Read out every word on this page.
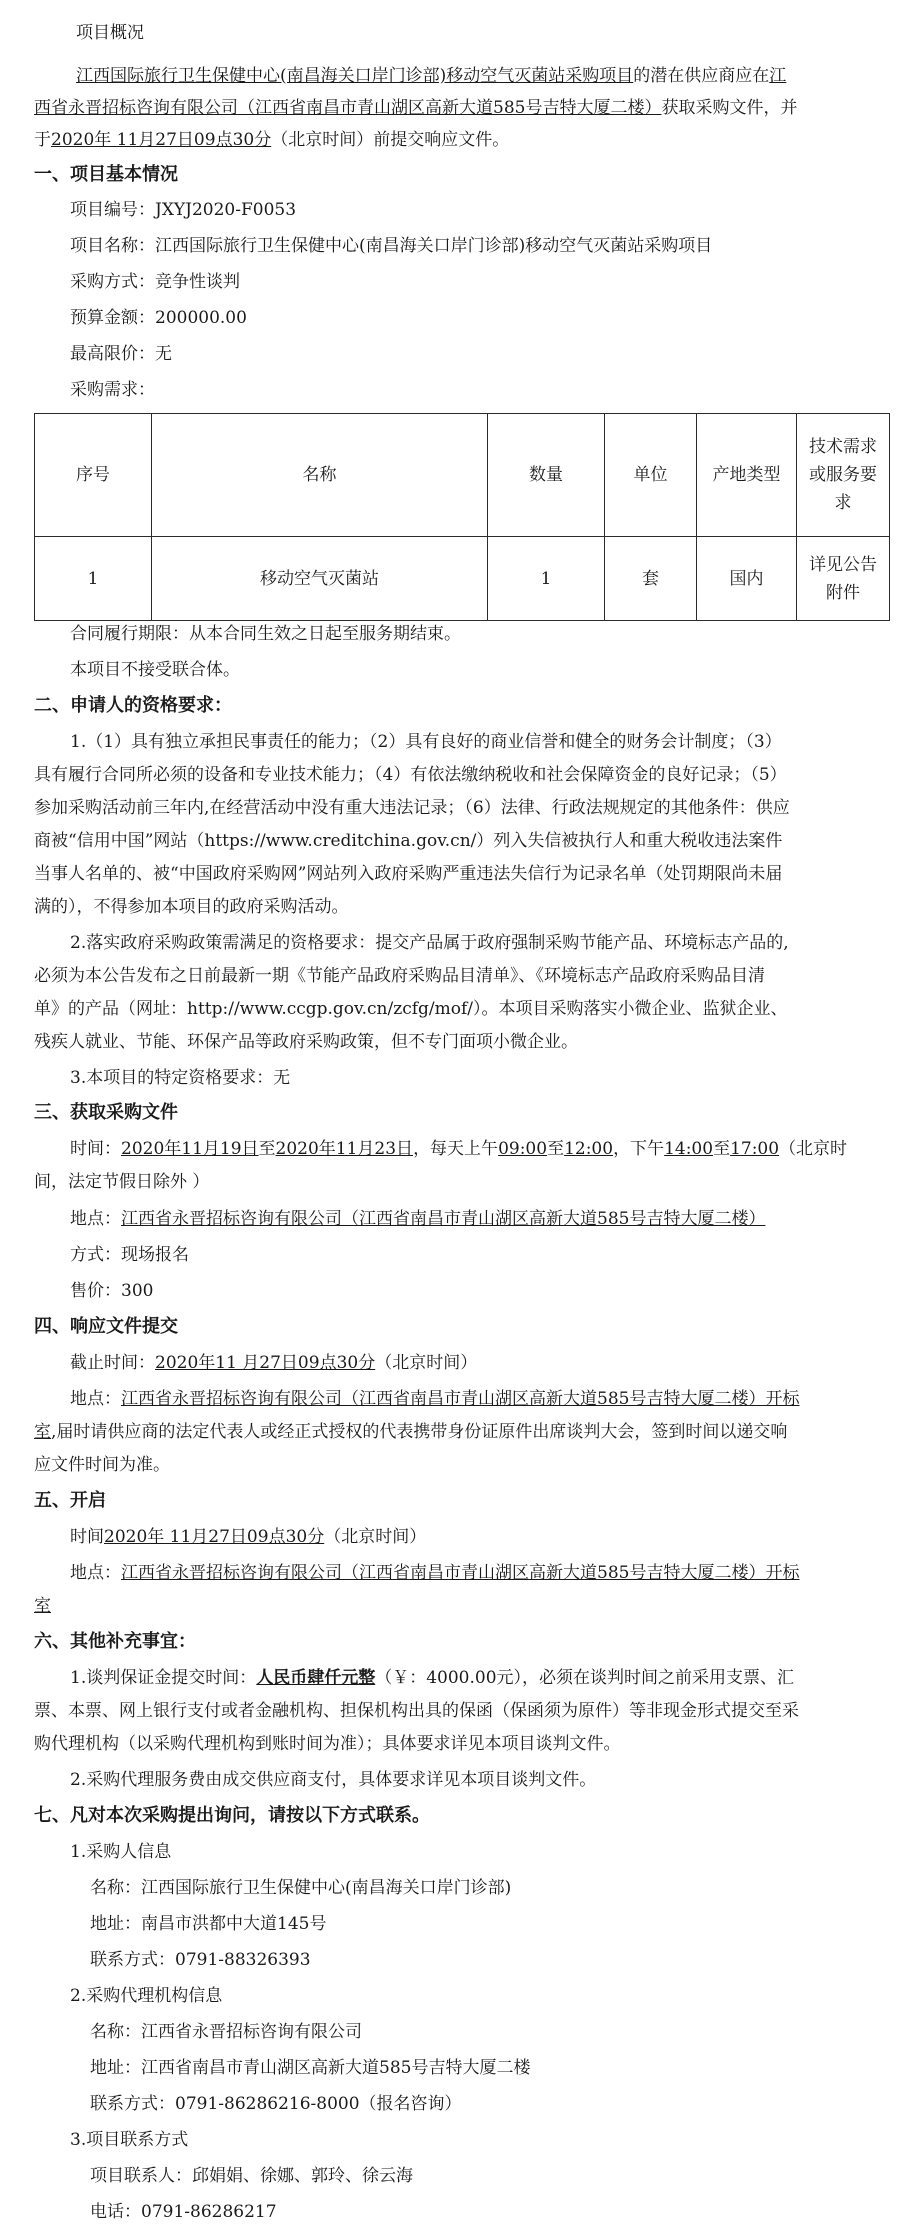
项目概况
江西国际旅行卫生保健中心(南昌海关口岸门诊部)移动空气灭菌站采购项目的潜在供应商应在江
西省永晋招标咨询有限公司（江西省南昌市青山湖区高新大道585号吉特大厦二楼）获取采购文件，并
于2020年 11月27日09点30分（北京时间）前提交响应文件。
一、项目基本情况
项目编号：JXYJ2020-F0053
项目名称：江西国际旅行卫生保健中心(南昌海关口岸门诊部)移动空气灭菌站采购项目
采购方式：竞争性谈判
预算金额：200000.00
最高限价：无
采购需求：
序号	名称	数量	单位	产地类型	技术需求
或服务要
求

1	移动空气灭菌站	1	套	国内	详见公告
附件
合同履行期限：从本合同生效之日起至服务期结束。
本项目不接受联合体。
二、申请人的资格要求：
1.（1）具有独立承担民事责任的能力；（2）具有良好的商业信誉和健全的财务会计制度；（3）
具有履行合同所必须的设备和专业技术能力；（4）有依法缴纳税收和社会保障资金的良好记录；（5）
参加采购活动前三年内,在经营活动中没有重大违法记录；（6）法律、行政法规规定的其他条件：供应
商被“信用中国”网站（https://www.creditchina.gov.cn/）列入失信被执行人和重大税收违法案件
当事人名单的、被“中国政府采购网”网站列入政府采购严重违法失信行为记录名单（处罚期限尚未届
满的），不得参加本项目的政府采购活动。
2.落实政府采购政策需满足的资格要求：提交产品属于政府强制采购节能产品、环境标志产品的,
必须为本公告发布之日前最新一期《节能产品政府采购品目清单》、《环境标志产品政府采购品目清
单》的产品（网址：http://www.ccgp.gov.cn/zcfg/mof/）。本项目采购落实小微企业、监狱企业、
残疾人就业、节能、环保产品等政府采购政策，但不专门面项小微企业。
3.本项目的特定资格要求：无
三、获取采购文件
时间：2020年11月19日至2020年11月23日，每天上午09:00至12:00，下午14:00至17:00（北京时
间，法定节假日除外 ）
地点：江西省永晋招标咨询有限公司（江西省南昌市青山湖区高新大道585号吉特大厦二楼）
方式：现场报名
售价：300
四、响应文件提交
截止时间：2020年11 月27日09点30分（北京时间）
地点：江西省永晋招标咨询有限公司（江西省南昌市青山湖区高新大道585号吉特大厦二楼）开标
室,届时请供应商的法定代表人或经正式授权的代表携带身份证原件出席谈判大会，签到时间以递交响
应文件时间为准。
五、开启
时间2020年 11月27日09点30分（北京时间）
地点：江西省永晋招标咨询有限公司（江西省南昌市青山湖区高新大道585号吉特大厦二楼）开标
室
六、其他补充事宜：
1.谈判保证金提交时间：人民币肆仟元整（￥：4000.00元），必须在谈判时间之前采用支票、汇
票、本票、网上银行支付或者金融机构、担保机构出具的保函（保函须为原件）等非现金形式提交至采
购代理机构（以采购代理机构到账时间为准）；具体要求详见本项目谈判文件。
2.采购代理服务费由成交供应商支付，具体要求详见本项目谈判文件。
七、凡对本次采购提出询问，请按以下方式联系。
1.采购人信息
名称：江西国际旅行卫生保健中心(南昌海关口岸门诊部)
地址：南昌市洪都中大道145号
联系方式：0791-88326393
2.采购代理机构信息
名称：江西省永晋招标咨询有限公司
地址：江西省南昌市青山湖区高新大道585号吉特大厦二楼
联系方式：0791-86286216-8000（报名咨询）
3.项目联系方式
项目联系人：邱娟娟、徐娜、郭玲、徐云海
电话：0791-86286217
